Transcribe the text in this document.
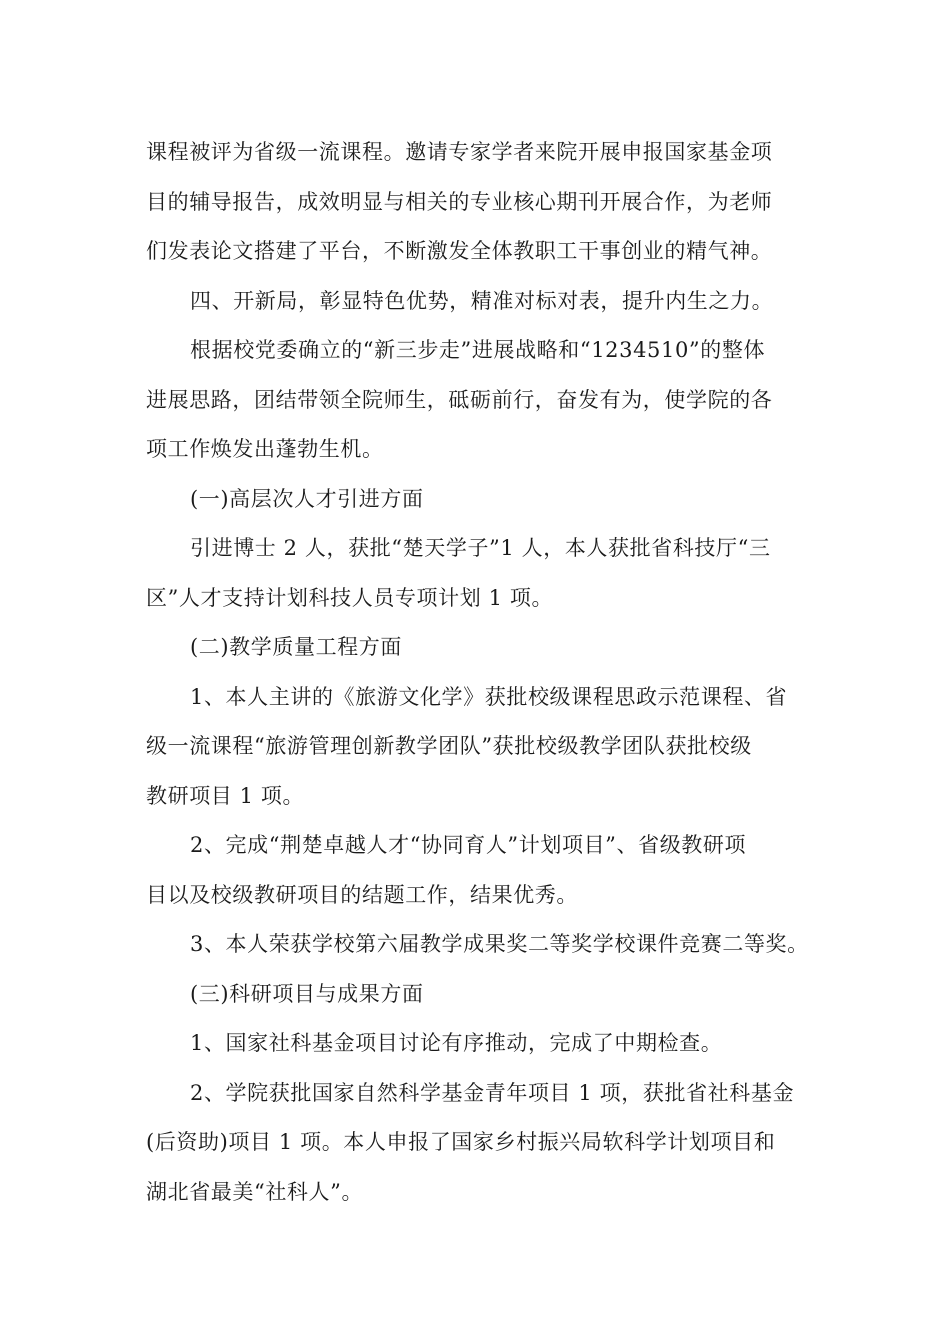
课程被评为省级一流课程。邀请专家学者来院开展申报国家基金项
目的辅导报告，成效明显与相关的专业核心期刊开展合作，为老师
们发表论文搭建了平台，不断激发全体教职工干事创业的精气神。

四、开新局，彰显特色优势，精准对标对表，提升内生之力。

根据校党委确立的“新三步走”进展战略和“1234510”的整体
进展思路，团结带领全院师生，砥砺前行，奋发有为，使学院的各
项工作焕发出蓬勃生机。

(一)高层次人才引进方面

引进博士 2 人，获批“楚天学子”1 人，本人获批省科技厅“三
区”人才支持计划科技人员专项计划 1 项。

(二)教学质量工程方面

1、本人主讲的《旅游文化学》获批校级课程思政示范课程、省
级一流课程“旅游管理创新教学团队”获批校级教学团队获批校级
教研项目 1 项。

2、完成“荆楚卓越人才“协同育人”计划项目”、省级教研项
目以及校级教研项目的结题工作，结果优秀。

3、本人荣获学校第六届教学成果奖二等奖学校课件竞赛二等奖。

(三)科研项目与成果方面

1、国家社科基金项目讨论有序推动，完成了中期检查。

2、学院获批国家自然科学基金青年项目 1 项，获批省社科基金
(后资助)项目 1 项。本人申报了国家乡村振兴局软科学计划项目和
湖北省最美“社科人”。
